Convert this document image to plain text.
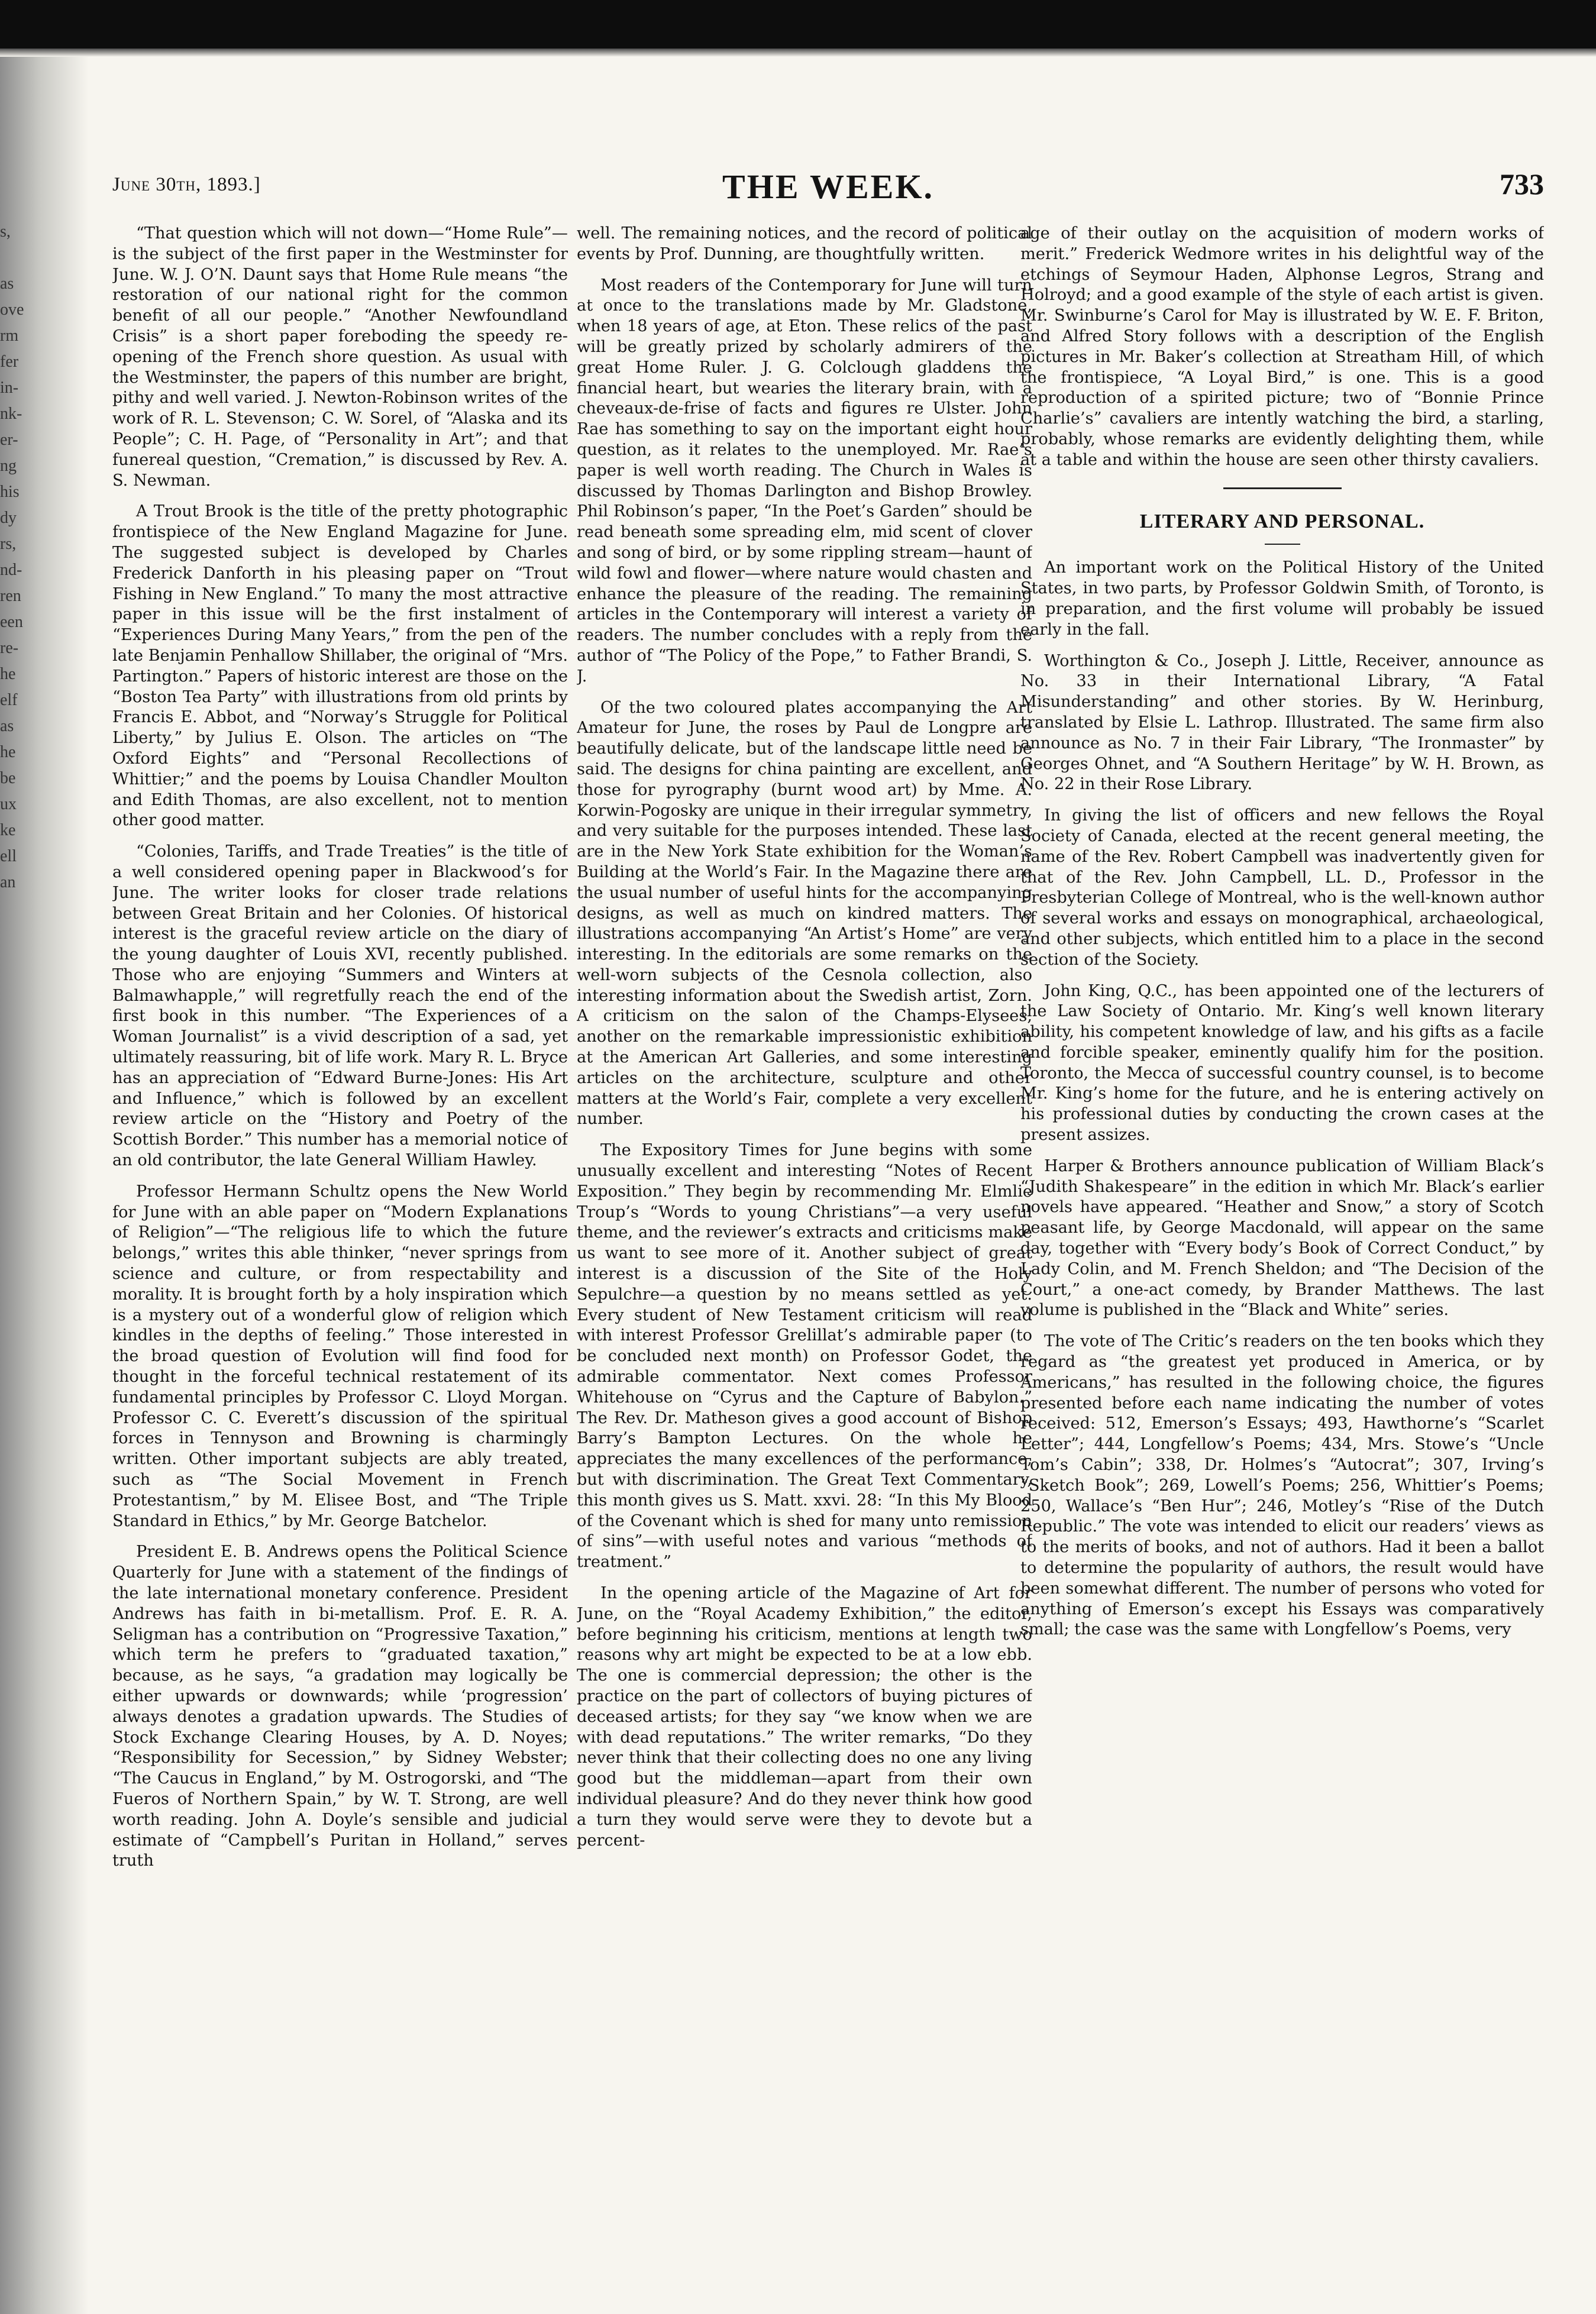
s,
as
ove
rm
fer
in-
nk-
er-
ng
his
dy
rs,
nd-
ren
een
re-
he
elf
as
he
be
ux
ke
ell
an
June 30th, 1893.]	THE WEEK.	733

“That question which will not down—“Home Rule”—is the subject of the first paper in the Westminster for June. W. J. O’N. Daunt says that Home Rule means “the restoration of our national right for the common benefit of all our people.” “Another Newfoundland Crisis” is a short paper foreboding the speedy re-opening of the French shore question. As usual with the Westminster, the papers of this number are bright, pithy and well varied. J. Newton-Robinson writes of the work of R. L. Stevenson; C. W. Sorel, of “Alaska and its People”; C. H. Page, of “Personality in Art”; and that funereal question, “Cremation,” is discussed by Rev. A. S. Newman.

A Trout Brook is the title of the pretty photographic frontispiece of the New England Magazine for June. The suggested subject is developed by Charles Frederick Danforth in his pleasing paper on “Trout Fishing in New England.” To many the most attractive paper in this issue will be the first instalment of “Experiences During Many Years,” from the pen of the late Benjamin Penhallow Shillaber, the original of “Mrs. Partington.” Papers of historic interest are those on the “Boston Tea Party” with illustrations from old prints by Francis E. Abbot, and “Norway’s Struggle for Political Liberty,” by Julius E. Olson. The articles on “The Oxford Eights” and “Personal Recollections of Whittier;” and the poems by Louisa Chandler Moulton and Edith Thomas, are also excellent, not to mention other good matter.

“Colonies, Tariffs, and Trade Treaties” is the title of a well considered opening paper in Blackwood’s for June. The writer looks for closer trade relations between Great Britain and her Colonies. Of historical interest is the graceful review article on the diary of the young daughter of Louis XVI, recently published. Those who are enjoying “Summers and Winters at Balmawhapple,” will regretfully reach the end of the first book in this number. “The Experiences of a Woman Journalist” is a vivid description of a sad, yet ultimately reassuring, bit of life work. Mary R. L. Bryce has an appreciation of “Edward Burne-Jones: His Art and Influence,” which is followed by an excellent review article on the “History and Poetry of the Scottish Border.” This number has a memorial notice of an old contributor, the late General William Hawley.

Professor Hermann Schultz opens the New World for June with an able paper on “Modern Explanations of Religion”—“The religious life to which the future belongs,” writes this able thinker, “never springs from science and culture, or from respectability and morality. It is brought forth by a holy inspiration which is a mystery out of a wonderful glow of religion which kindles in the depths of feeling.” Those interested in the broad question of Evolution will find food for thought in the forceful technical restatement of its fundamental principles by Professor C. Lloyd Morgan. Professor C. C. Everett’s discussion of the spiritual forces in Tennyson and Browning is charmingly written. Other important subjects are ably treated, such as “The Social Movement in French Protestantism,” by M. Elisee Bost, and “The Triple Standard in Ethics,” by Mr. George Batchelor.

President E. B. Andrews opens the Political Science Quarterly for June with a statement of the findings of the late international monetary conference. President Andrews has faith in bi-metallism. Prof. E. R. A. Seligman has a contribution on “Progressive Taxation,” which term he prefers to “graduated taxation,” because, as he says, “a gradation may logically be either upwards or downwards; while ‘progression’ always denotes a gradation upwards. The Studies of Stock Exchange Clearing Houses, by A. D. Noyes; “Responsibility for Secession,” by Sidney Webster; “The Caucus in England,” by M. Ostrogorski, and “The Fueros of Northern Spain,” by W. T. Strong, are well worth reading. John A. Doyle’s sensible and judicial estimate of “Campbell’s Puritan in Holland,” serves truth

well. The remaining notices, and the record of political events by Prof. Dunning, are thoughtfully written.

Most readers of the Contemporary for June will turn at once to the translations made by Mr. Gladstone, when 18 years of age, at Eton. These relics of the past will be greatly prized by scholarly admirers of the great Home Ruler. J. G. Colclough gladdens the financial heart, but wearies the literary brain, with a cheveaux-de-frise of facts and figures re Ulster. John Rae has something to say on the important eight hour question, as it relates to the unemployed. Mr. Rae’s paper is well worth reading. The Church in Wales is discussed by Thomas Darlington and Bishop Browley. Phil Robinson’s paper, “In the Poet’s Garden” should be read beneath some spreading elm, mid scent of clover and song of bird, or by some rippling stream—haunt of wild fowl and flower—where nature would chasten and enhance the pleasure of the reading. The remaining articles in the Contemporary will interest a variety of readers. The number concludes with a reply from the author of “The Policy of the Pope,” to Father Brandi, S. J.

Of the two coloured plates accompanying the Art Amateur for June, the roses by Paul de Longpre are beautifully delicate, but of the landscape little need be said. The designs for china painting are excellent, and those for pyrography (burnt wood art) by Mme. A. Korwin-Pogosky are unique in their irregular symmetry, and very suitable for the purposes intended. These last are in the New York State exhibition for the Woman’s Building at the World’s Fair. In the Magazine there are the usual number of useful hints for the accompanying designs, as well as much on kindred matters. The illustrations accompanying “An Artist’s Home” are very interesting. In the editorials are some remarks on the well-worn subjects of the Cesnola collection, also interesting information about the Swedish artist, Zorn. A criticism on the salon of the Champs-Elysees, another on the remarkable impressionistic exhibition at the American Art Galleries, and some interesting articles on the architecture, sculpture and other matters at the World’s Fair, complete a very excellent number.

The Expository Times for June begins with some unusually excellent and interesting “Notes of Recent Exposition.” They begin by recommending Mr. Elmlie Troup’s “Words to young Christians”—a very useful theme, and the reviewer’s extracts and criticisms make us want to see more of it. Another subject of great interest is a discussion of the Site of the Holy Sepulchre—a question by no means settled as yet. Every student of New Testament criticism will read with interest Professor Grelillat’s admirable paper (to be concluded next month) on Professor Godet, the admirable commentator. Next comes Professor Whitehouse on “Cyrus and the Capture of Babylon.” The Rev. Dr. Matheson gives a good account of Bishop Barry’s Bampton Lectures. On the whole he appreciates the many excellences of the performance, but with discrimination. The Great Text Commentary, this month gives us S. Matt. xxvi. 28: “In this My Blood of the Covenant which is shed for many unto remission of sins”—with useful notes and various “methods of treatment.”

In the opening article of the Magazine of Art for June, on the “Royal Academy Exhibition,” the editor, before beginning his criticism, mentions at length two reasons why art might be expected to be at a low ebb. The one is commercial depression; the other is the practice on the part of collectors of buying pictures of deceased artists; for they say “we know when we are with dead reputations.” The writer remarks, “Do they never think that their collecting does no one any living good but the middleman—apart from their own individual pleasure? And do they never think how good a turn they would serve were they to devote but a percent-

age of their outlay on the acquisition of modern works of merit.” Frederick Wedmore writes in his delightful way of the etchings of Seymour Haden, Alphonse Legros, Strang and Holroyd; and a good example of the style of each artist is given. Mr. Swinburne’s Carol for May is illustrated by W. E. F. Briton, and Alfred Story follows with a description of the English pictures in Mr. Baker’s collection at Streatham Hill, of which the frontispiece, “A Loyal Bird,” is one. This is a good reproduction of a spirited picture; two of “Bonnie Prince Charlie’s” cavaliers are intently watching the bird, a starling, probably, whose remarks are evidently delighting them, while at a table and within the house are seen other thirsty cavaliers.

LITERARY AND PERSONAL.

An important work on the Political History of the United States, in two parts, by Professor Goldwin Smith, of Toronto, is in preparation, and the first volume will probably be issued early in the fall.

Worthington & Co., Joseph J. Little, Receiver, announce as No. 33 in their International Library, “A Fatal Misunderstanding” and other stories. By W. Herinburg, translated by Elsie L. Lathrop. Illustrated. The same firm also announce as No. 7 in their Fair Library, “The Ironmaster” by Georges Ohnet, and “A Southern Heritage” by W. H. Brown, as No. 22 in their Rose Library.

In giving the list of officers and new fellows the Royal Society of Canada, elected at the recent general meeting, the name of the Rev. Robert Campbell was inadvertently given for that of the Rev. John Campbell, LL. D., Professor in the Presbyterian College of Montreal, who is the well-known author of several works and essays on monographical, archaeological, and other subjects, which entitled him to a place in the second section of the Society.

John King, Q.C., has been appointed one of the lecturers of the Law Society of Ontario. Mr. King’s well known literary ability, his competent knowledge of law, and his gifts as a facile and forcible speaker, eminently qualify him for the position. Toronto, the Mecca of successful country counsel, is to become Mr. King’s home for the future, and he is entering actively on his professional duties by conducting the crown cases at the present assizes.

Harper & Brothers announce publication of William Black’s “Judith Shakespeare” in the edition in which Mr. Black’s earlier novels have appeared. “Heather and Snow,” a story of Scotch peasant life, by George Macdonald, will appear on the same day, together with “Every body’s Book of Correct Conduct,” by Lady Colin, and M. French Sheldon; and “The Decision of the Court,” a one-act comedy, by Brander Matthews. The last volume is published in the “Black and White” series.

The vote of The Critic’s readers on the ten books which they regard as “the greatest yet produced in America, or by Americans,” has resulted in the following choice, the figures presented before each name indicating the number of votes received: 512, Emerson’s Essays; 493, Hawthorne’s “Scarlet Letter”; 444, Longfellow’s Poems; 434, Mrs. Stowe’s “Uncle Tom’s Cabin”; 338, Dr. Holmes’s “Autocrat”; 307, Irving’s “Sketch Book”; 269, Lowell’s Poems; 256, Whittier’s Poems; 250, Wallace’s “Ben Hur”; 246, Motley’s “Rise of the Dutch Republic.” The vote was intended to elicit our readers’ views as to the merits of books, and not of authors. Had it been a ballot to determine the popularity of authors, the result would have been somewhat different. The number of persons who voted for anything of Emerson’s except his Essays was comparatively small; the case was the same with Longfellow’s Poems, very
